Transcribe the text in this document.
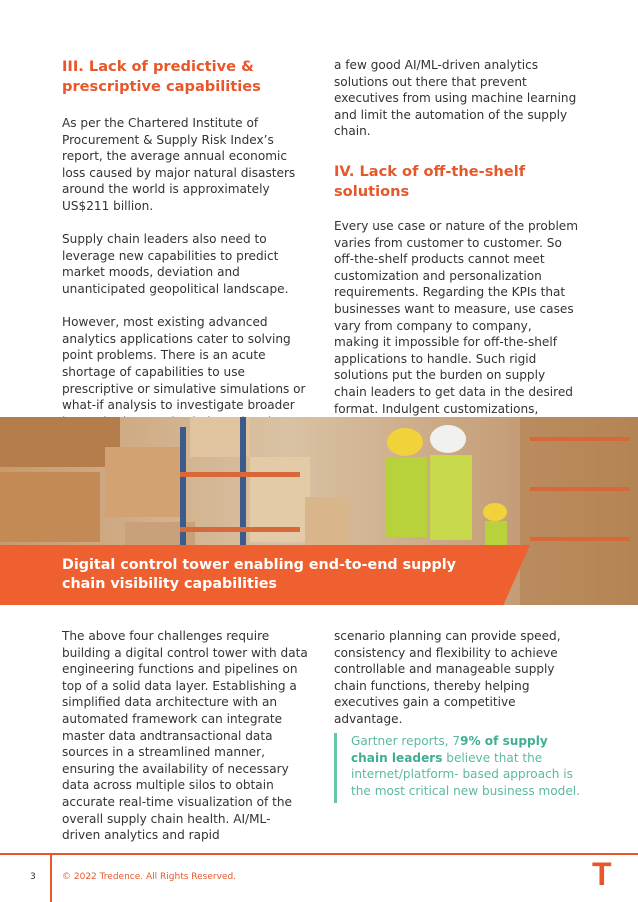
III. Lack of predictive & prescriptive capabilities

As per the Chartered Institute of Procurement & Supply Risk Index’s report, the average annual economic loss caused by major natural disasters around the world is approximately US$211 billion.

Supply chain leaders also need to leverage new capabilities to predict market moods, deviation and unanticipated geopolitical landscape.

However, most existing advanced analytics applications cater to solving point problems. There is an acute shortage of capabilities to use prescriptive or simulative simulations or what-if analysis to investigate broader

a few good AI/ML-driven analytics solutions out there that prevent executives from using machine learning and limit the automation of the supply chain.

IV. Lack of off-the-shelf solutions

Every use case or nature of the problem varies from customer to customer. So off-the-shelf products cannot meet customization and personalization requirements. Regarding the KPIs that businesses want to measure, use cases vary from company to company, making it impossible for off-the-shelf applications to handle. Such rigid solutions put the burden on supply chain leaders to get data in the desired format. Indulgent customizations,

Digital control tower enabling end-to-end supply chain visibility capabilities

The above four challenges require building a digital control tower with data engineering functions and pipelines on top of a solid data layer. Establishing a simplified data architecture with an automated framework can integrate master data andtransactional data sources in a streamlined manner, ensuring the availability of necessary data across multiple silos to obtain accurate real-time visualization of the overall supply chain health. AI/ML-driven analytics and rapid

scenario planning can provide speed, consistency and flexibility to achieve controllable and manageable supply chain functions, thereby helping executives gain a competitive advantage.

Gartner reports, 79% of supply chain leaders believe that the internet/platform- based approach is the most critical new business model.
3	© 2022 Tredence. All Rights Reserved.	T
